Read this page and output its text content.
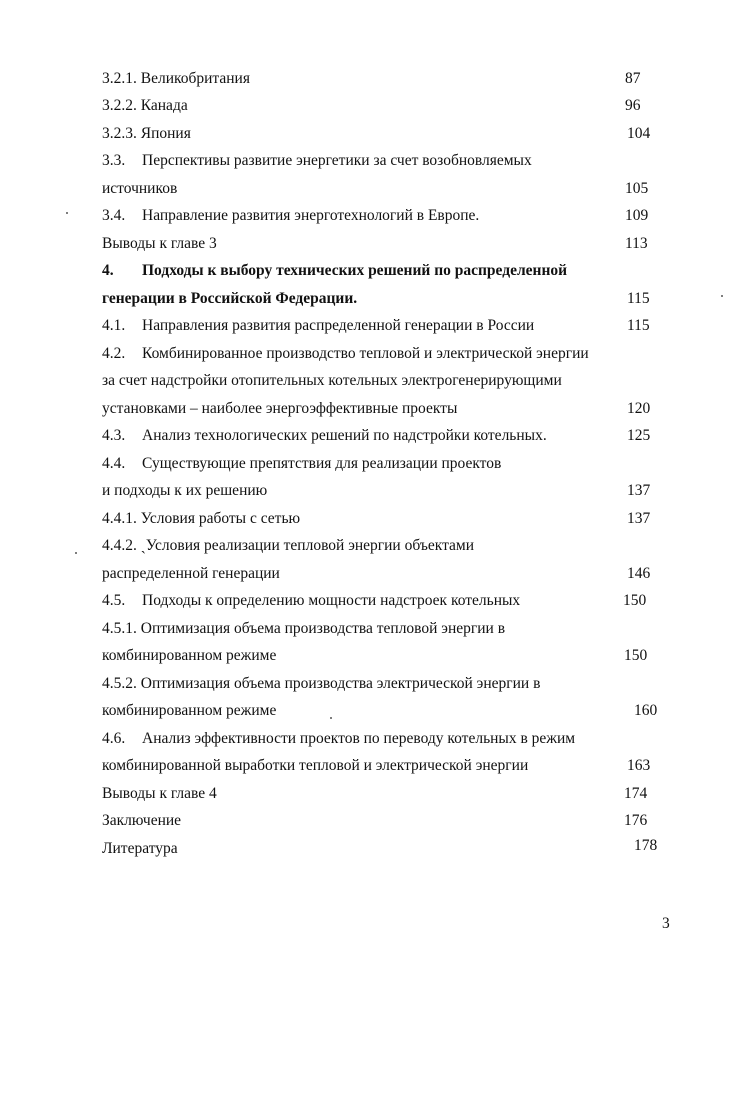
3.2.1. Великобритания	87
3.2.2. Канада	96
3.2.3. Япония	104
3.3. Перспективы развитие энергетики за счет возобновляемых
источников	105
3.4. Направление развития энерготехнологий в Европе.	109
Выводы к главе 3	113
4. Подходы к выбору технических решений по распределенной
генерации в Российской Федерации.	115
4.1. Направления развития распределенной генерации в России	115
4.2. Комбинированное производство тепловой и электрической энергии
за счет надстройки отопительных котельных электрогенерирующими
установками – наиболее энергоэффективные проекты	120
4.3. Анализ технологических решений по надстройки котельных.	125
4.4. Существующие препятствия для реализации проектов
и подходы к их решению	137
4.4.1. Условия работы с сетью	137
4.4.2. ˏУсловия реализации тепловой энергии объектами
распределенной генерации	146
4.5. Подходы к определению мощности надстроек котельных	150
4.5.1. Оптимизация объема производства тепловой энергии в
комбинированном режиме	150
4.5.2. Оптимизация объема производства электрической энергии в
комбинированном режиме	160
4.6. Анализ эффективности проектов по переводу котельных в режим
комбинированной выработки тепловой и электрической энергии	163
Выводы к главе 4	174
Заключение	176
Литература	178
3
